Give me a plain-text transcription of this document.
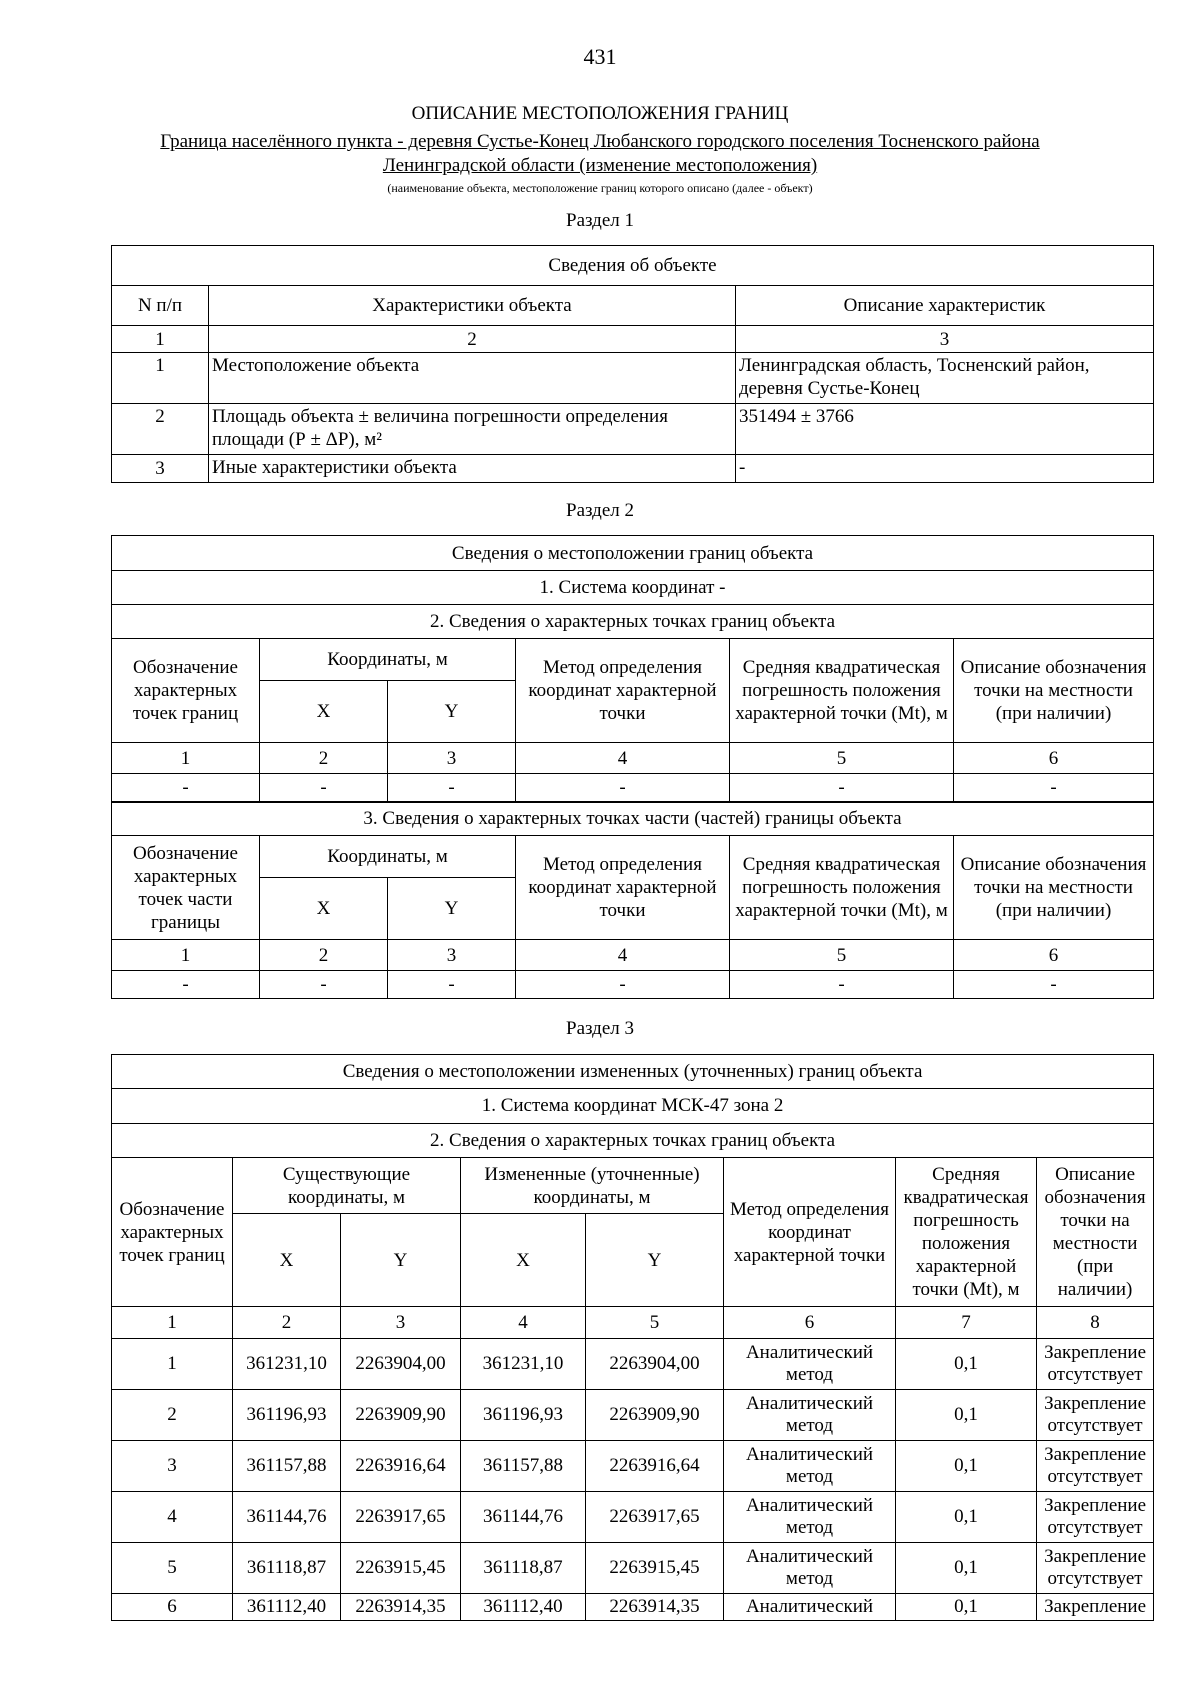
431
ОПИСАНИЕ МЕСТОПОЛОЖЕНИЯ ГРАНИЦ
Граница населённого пункта - деревня Сустье-Конец Любанского городского поселения Тосненского района
Ленинградской области (изменение местоположения)
(наименование объекта, местоположение границ которого описано (далее - объект)
Раздел 1
Сведения об объекте		
N п/п	Характеристики объекта	Описание характеристик
1	2	3
1	Местоположение объекта	Ленинградская область, Тосненский район, деревня Сустье-Конец
2	Площадь объекта ± величина погрешности определения площади (Р ± ΔР), м²	351494 ± 3766
3	Иные характеристики объекта	-
Раздел 2
Сведения о местоположении границ объекта					
1. Система координат -					
2. Сведения о характерных точках границ объекта					
Обозначение характерных точек границ	Координаты, м		Метод определения координат характерной точки	Средняя квадратическая погрешность положения характерной точки (Mt), м	Описание обозначения точки на местности (при наличии)
	X	Y			
1	2	3	4	5	6
-	-	-	-	-	-
3. Сведения о характерных точках части (частей) границы объекта					
Обозначение характерных точек части границы	Координаты, м		Метод определения координат характерной точки	Средняя квадратическая погрешность положения характерной точки (Mt), м	Описание обозначения точки на местности (при наличии)
	X	Y			
1	2	3	4	5	6
-	-	-	-	-	-
Раздел 3
Сведения о местоположении измененных (уточненных) границ объекта							
1. Система координат МСК-47 зона 2							
2. Сведения о характерных точках границ объекта							
Обозначение характерных точек границ	Существующие координаты, м		Измененные (уточненные) координаты, м		Метод определения координат характерной точки	Средняя квадратическая погрешность положения характерной точки (Mt), м	Описание обозначения точки на местности (при наличии)
	X	Y	X	Y			
1	2	3	4	5	6	7	8
1	361231,10	2263904,00	361231,10	2263904,00	Аналитический метод	0,1	Закрепление отсутствует
2	361196,93	2263909,90	361196,93	2263909,90	Аналитический метод	0,1	Закрепление отсутствует
3	361157,88	2263916,64	361157,88	2263916,64	Аналитический метод	0,1	Закрепление отсутствует
4	361144,76	2263917,65	361144,76	2263917,65	Аналитический метод	0,1	Закрепление отсутствует
5	361118,87	2263915,45	361118,87	2263915,45	Аналитический метод	0,1	Закрепление отсутствует
6	361112,40	2263914,35	361112,40	2263914,35	Аналитический	0,1	Закрепление
